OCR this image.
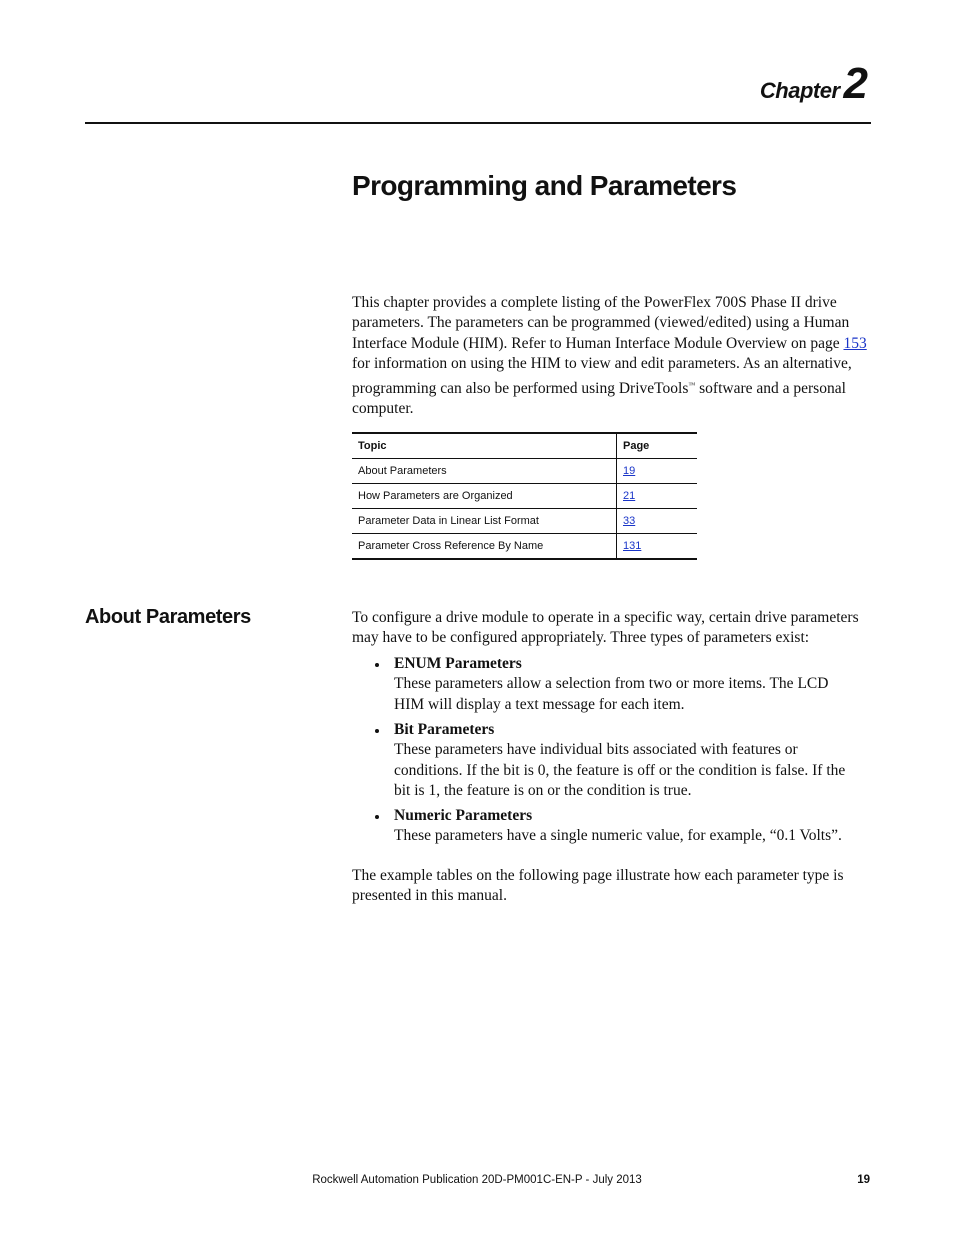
Chapter 2
Programming and Parameters

This chapter provides a complete listing of the PowerFlex 700S Phase II drive parameters. The parameters can be programmed (viewed/edited) using a Human Interface Module (HIM). Refer to Human Interface Module Overview on page 153 for information on using the HIM to view and edit parameters. As an alternative, programming can also be performed using DriveTools™ software and a personal computer.

Topic	Page
About Parameters	19
How Parameters are Organized	21
Parameter Data in Linear List Format	33
Parameter Cross Reference By Name	131
About Parameters	To configure a drive module to operate in a specific way, certain drive parameters may have to be configured appropriately. Three types of parameters exist:

ENUM Parameters
These parameters allow a selection from two or more items. The LCD HIM will display a text message for each item.
Bit Parameters
These parameters have individual bits associated with features or conditions. If the bit is 0, the feature is off or the condition is false. If the bit is 1, the feature is on or the condition is true.
Numeric Parameters
These parameters have a single numeric value, for example, “0.1 Volts”.

The example tables on the following page illustrate how each parameter type is presented in this manual.

Rockwell Automation Publication 20D-PM001C-EN-P - July 2013	19
